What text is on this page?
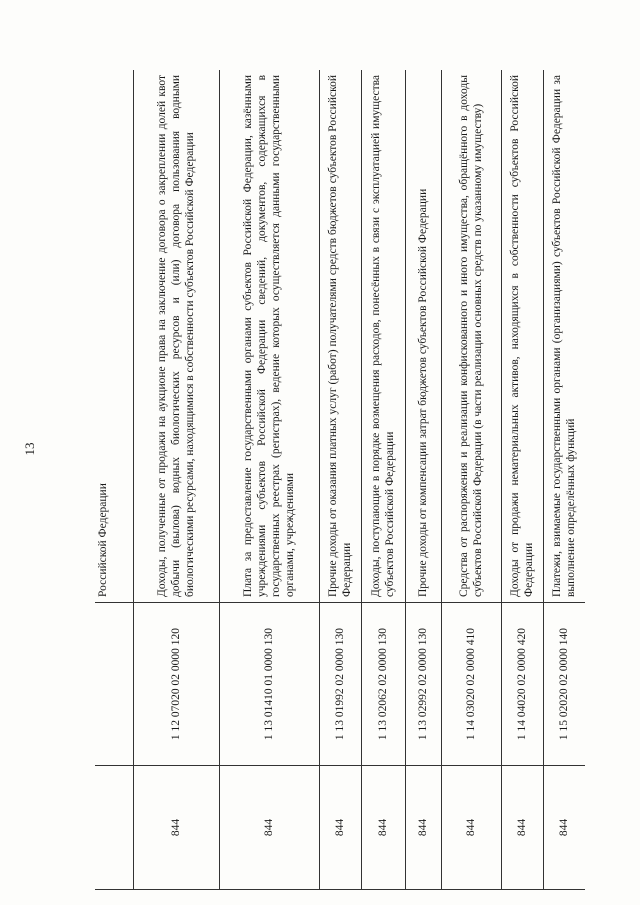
13
		Российской Федерации
844	1 12 07020 02 0000 120	Доходы, полученные от продажи на аукционе права на заключение договора о закреплении долей квот добычи (вылова) водных биологических ресурсов и (или) договора пользования водными биологическими ресурсами, находящимися в собственности субъектов Российской Федерации
844	1 13 01410 01 0000 130	Плата за предоставление государственными органами субъектов Российской Федерации, казёнными учреждениями субъектов Российской Федерации сведений, документов, содержащихся в государственных реестрах (регистрах), ведение которых осуществляется данными государственными органами, учреждениями
844	1 13 01992 02 0000 130	Прочие доходы от оказания платных услуг (работ) получателями средств бюджетов субъектов Российской Федерации
844	1 13 02062 02 0000 130	Доходы, поступающие в порядке возмещения расходов, понесённых в связи с эксплуатацией имущества субъектов Российской Федерации
844	1 13 02992 02 0000 130	Прочие доходы от компенсации затрат бюджетов субъектов Российской Федерации
844	1 14 03020 02 0000 410	Средства от распоряжения и реализации конфискованного и иного имущества, обращённого в доходы субъектов Российской Федерации (в части реализации основных средств по указанному имуществу)
844	1 14 04020 02 0000 420	Доходы от продажи нематериальных активов, находящихся в собственности субъектов Российской Федерации
844	1 15 02020 02 0000 140	Платежи, взимаемые государственными органами (организациями) субъектов Российской Федерации за выполнение определённых функций
